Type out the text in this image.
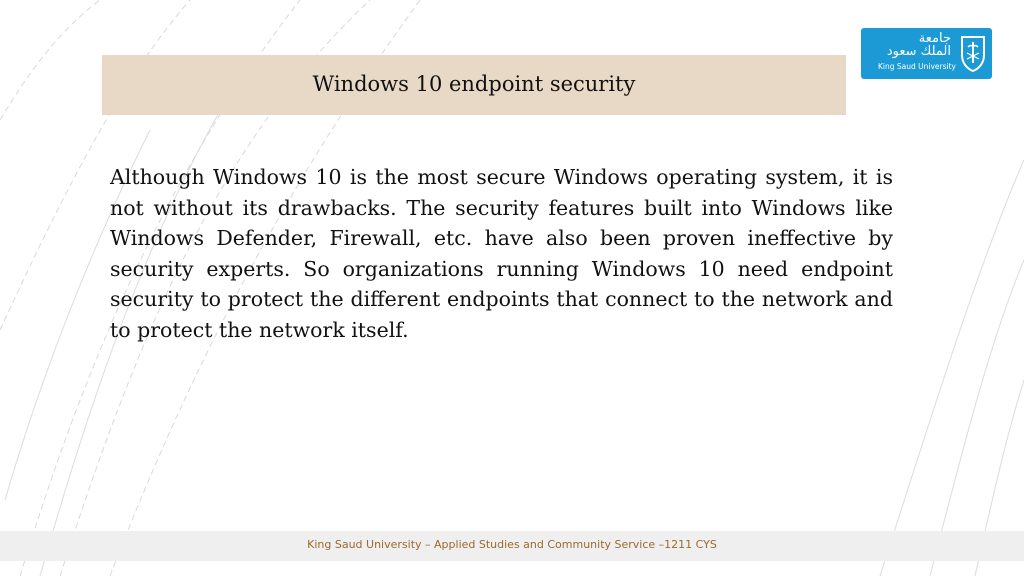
Windows 10 endpoint security
جامعة
الملك سعود
King Saud University
Although Windows 10 is the most secure Windows operating system, it is not without its drawbacks. The security features built into Windows like Windows Defender, Firewall, etc. have also been proven ineffective by security experts. So organizations running Windows 10 need endpoint security to protect the different endpoints that connect to the network and to protect the network itself.
King Saud University – Applied Studies and Community Service –1211 CYS
